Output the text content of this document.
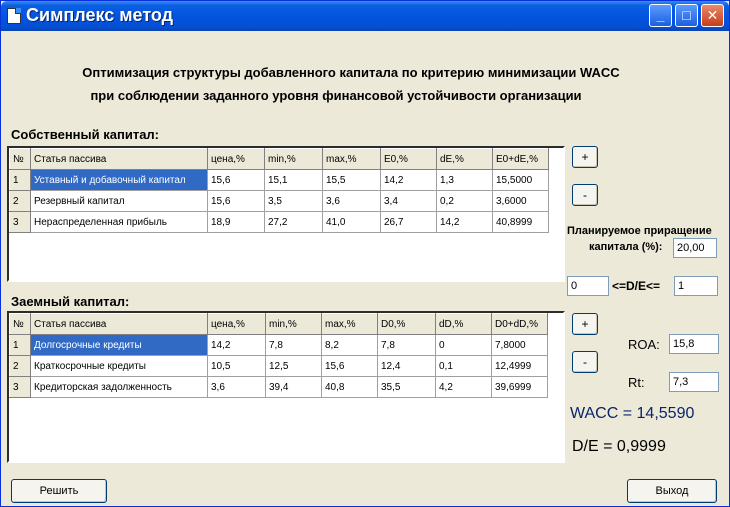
Симплекс метод	_	□	✕
Оптимизация структуры добавленного капитала по критерию минимизации WACC
при соблюдении заданного уровня финансовой устойчивости организации
Собственный капитал:
№	Статья пассива	цена,%	min,%	max,%	E0,%	dE,%	E0+dE,%
1	Уставный и добавочный капитал	15,6	15,1	15,5	14,2	1,3	15,5000
2	Резервный капитал	15,6	3,5	3,6	3,4	0,2	3,6000
3	Нераспределенная прибыль	18,9	27,2	41,0	26,7	14,2	40,8999
+
-
Планируемое приращение
капитала (%):	20,00
0	<=D/E<=	1
Заемный капитал:
№	Статья пассива	цена,%	min,%	max,%	D0,%	dD,%	D0+dD,%
1	Долгосрочные кредиты	14,2	7,8	8,2	7,8	0	7,8000
2	Краткосрочные кредиты	10,5	12,5	15,6	12,4	0,1	12,4999
3	Кредиторская задолженность	3,6	39,4	40,8	35,5	4,2	39,6999
+
-
ROA:	15,8
Rt:	7,3
WACC = 14,5590
D/E = 0,9999
Решить	Выход
